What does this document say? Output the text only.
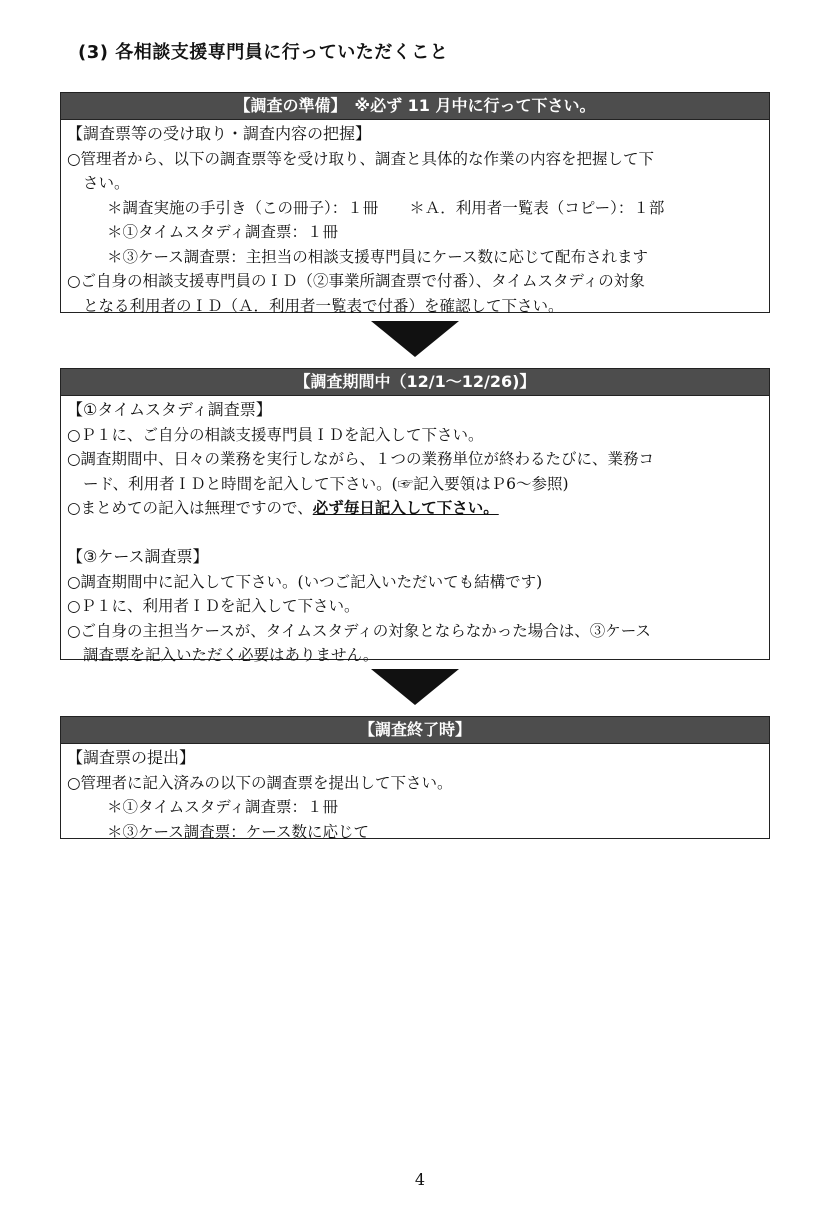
(3) 各相談支援専門員に行っていただくこと
【調査の準備】　※必ず 11 月中に行って下さい。
【調査票等の受け取り・調査内容の把握】
○管理者から、以下の調査票等を受け取り、調査と具体的な作業の内容を把握して下
さい。
＊調査実施の手引き（この冊子）：１冊　　＊Ａ．利用者一覧表（コピー）：１部
＊①タイムスタディ調査票：１冊
＊③ケース調査票：主担当の相談支援専門員にケース数に応じて配布されます
○ご自身の相談支援専門員のＩＤ（②事業所調査票で付番）、タイムスタディの対象
となる利用者のＩＤ（Ａ．利用者一覧表で付番）を確認して下さい。
【調査期間中（12/1～12/26)】
【①タイムスタディ調査票】
○Ｐ１に、ご自分の相談支援専門員ＩＤを記入して下さい。
○調査期間中、日々の業務を実行しながら、１つの業務単位が終わるたびに、業務コ
ード、利用者ＩＤと時間を記入して下さい。(☞記入要領はＰ6～参照)
○まとめての記入は無理ですので、必ず毎日記入して下さい。
【③ケース調査票】
○調査期間中に記入して下さい。(いつご記入いただいても結構です)
○Ｐ１に、利用者ＩＤを記入して下さい。
○ご自身の主担当ケースが、タイムスタディの対象とならなかった場合は、③ケース
調査票を記入いただく必要はありません。
【調査終了時】
【調査票の提出】
○管理者に記入済みの以下の調査票を提出して下さい。
＊①タイムスタディ調査票：１冊
＊③ケース調査票：ケース数に応じて
4
